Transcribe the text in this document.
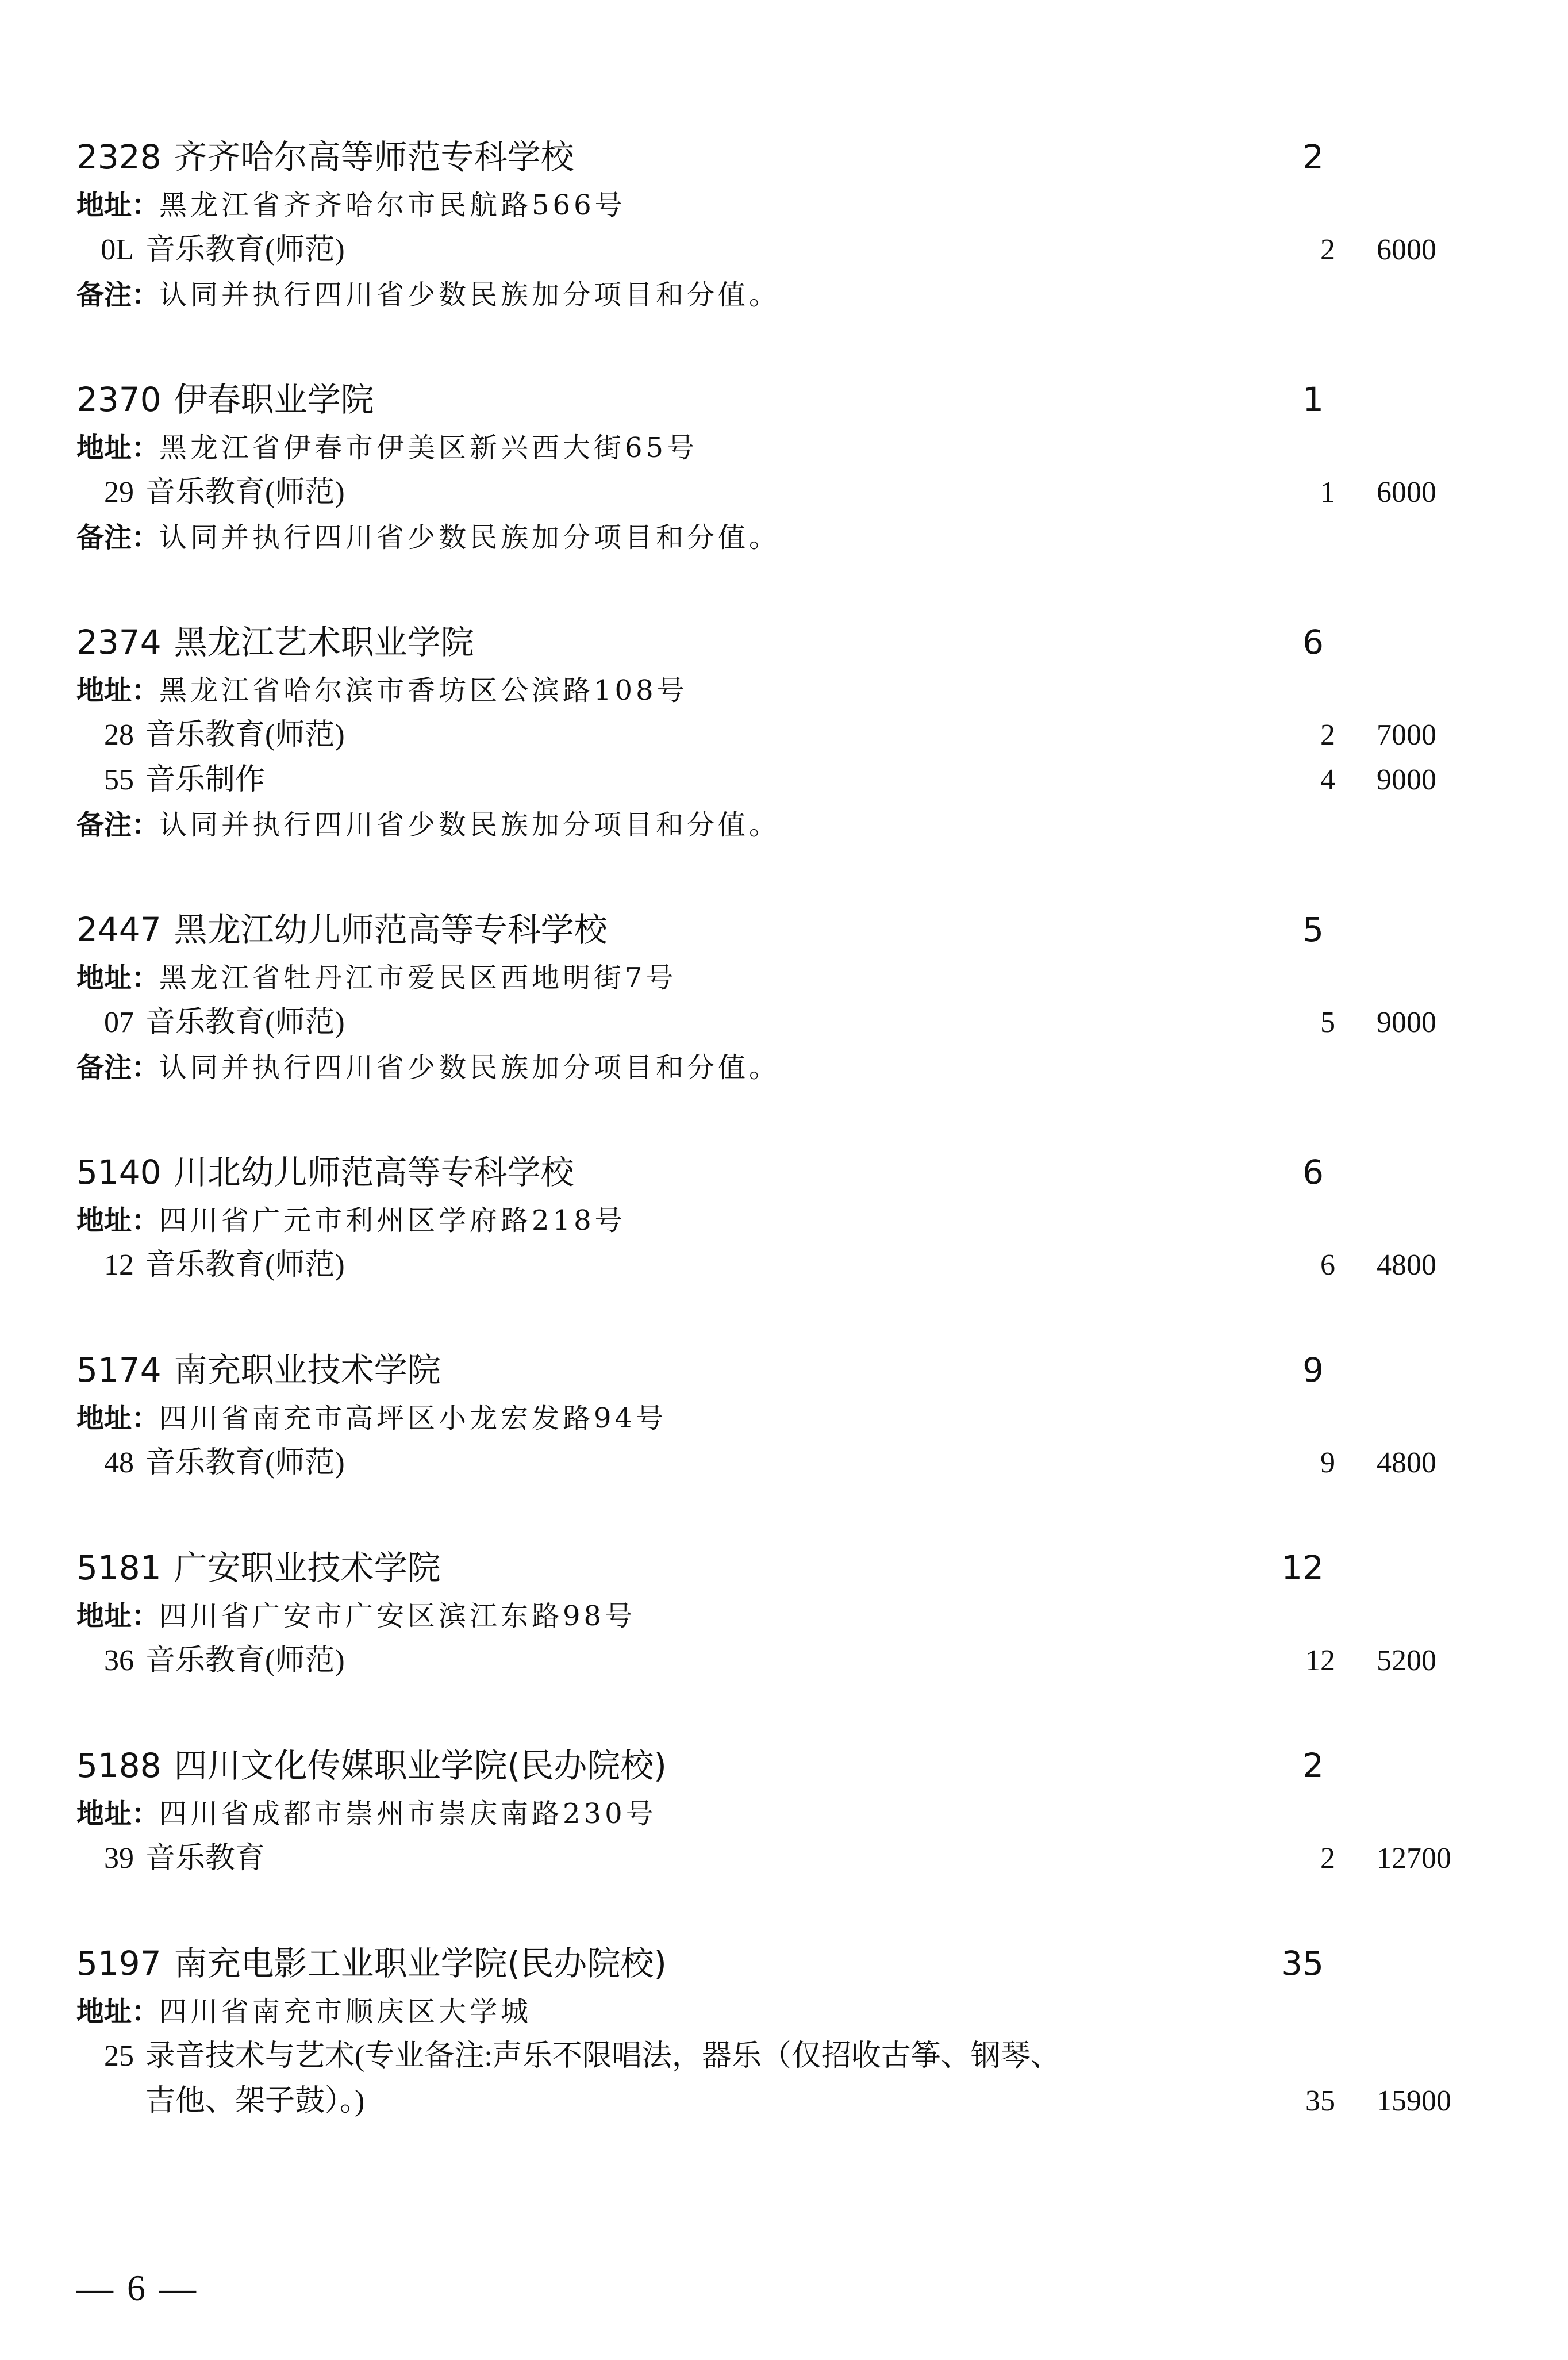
2328 齐齐哈尔高等师范专科学校	2
地址：黑龙江省齐齐哈尔市民航路566号
0L 音乐教育(师范)	2 6000
备注：认同并执行四川省少数民族加分项目和分值。
2370 伊春职业学院	1
地址：黑龙江省伊春市伊美区新兴西大街65号
29 音乐教育(师范)	1 6000
备注：认同并执行四川省少数民族加分项目和分值。
2374 黑龙江艺术职业学院	6
地址：黑龙江省哈尔滨市香坊区公滨路108号
28 音乐教育(师范)	2 7000
55 音乐制作	4 9000
备注：认同并执行四川省少数民族加分项目和分值。
2447 黑龙江幼儿师范高等专科学校	5
地址：黑龙江省牡丹江市爱民区西地明街7号
07 音乐教育(师范)	5 9000
备注：认同并执行四川省少数民族加分项目和分值。
5140 川北幼儿师范高等专科学校	6
地址：四川省广元市利州区学府路218号
12 音乐教育(师范)	6 4800
5174 南充职业技术学院	9
地址：四川省南充市高坪区小龙宏发路94号
48 音乐教育(师范)	9 4800
5181 广安职业技术学院	12
地址：四川省广安市广安区滨江东路98号
36 音乐教育(师范)	12 5200
5188 四川文化传媒职业学院(民办院校)	2
地址：四川省成都市崇州市崇庆南路230号
39 音乐教育	2 12700
5197 南充电影工业职业学院(民办院校)	35
地址：四川省南充市顺庆区大学城
25 录音技术与艺术(专业备注:声乐不限唱法，器乐（仅招收古筝、钢琴、
吉他、架子鼓）。)	35 15900
— 6 —
